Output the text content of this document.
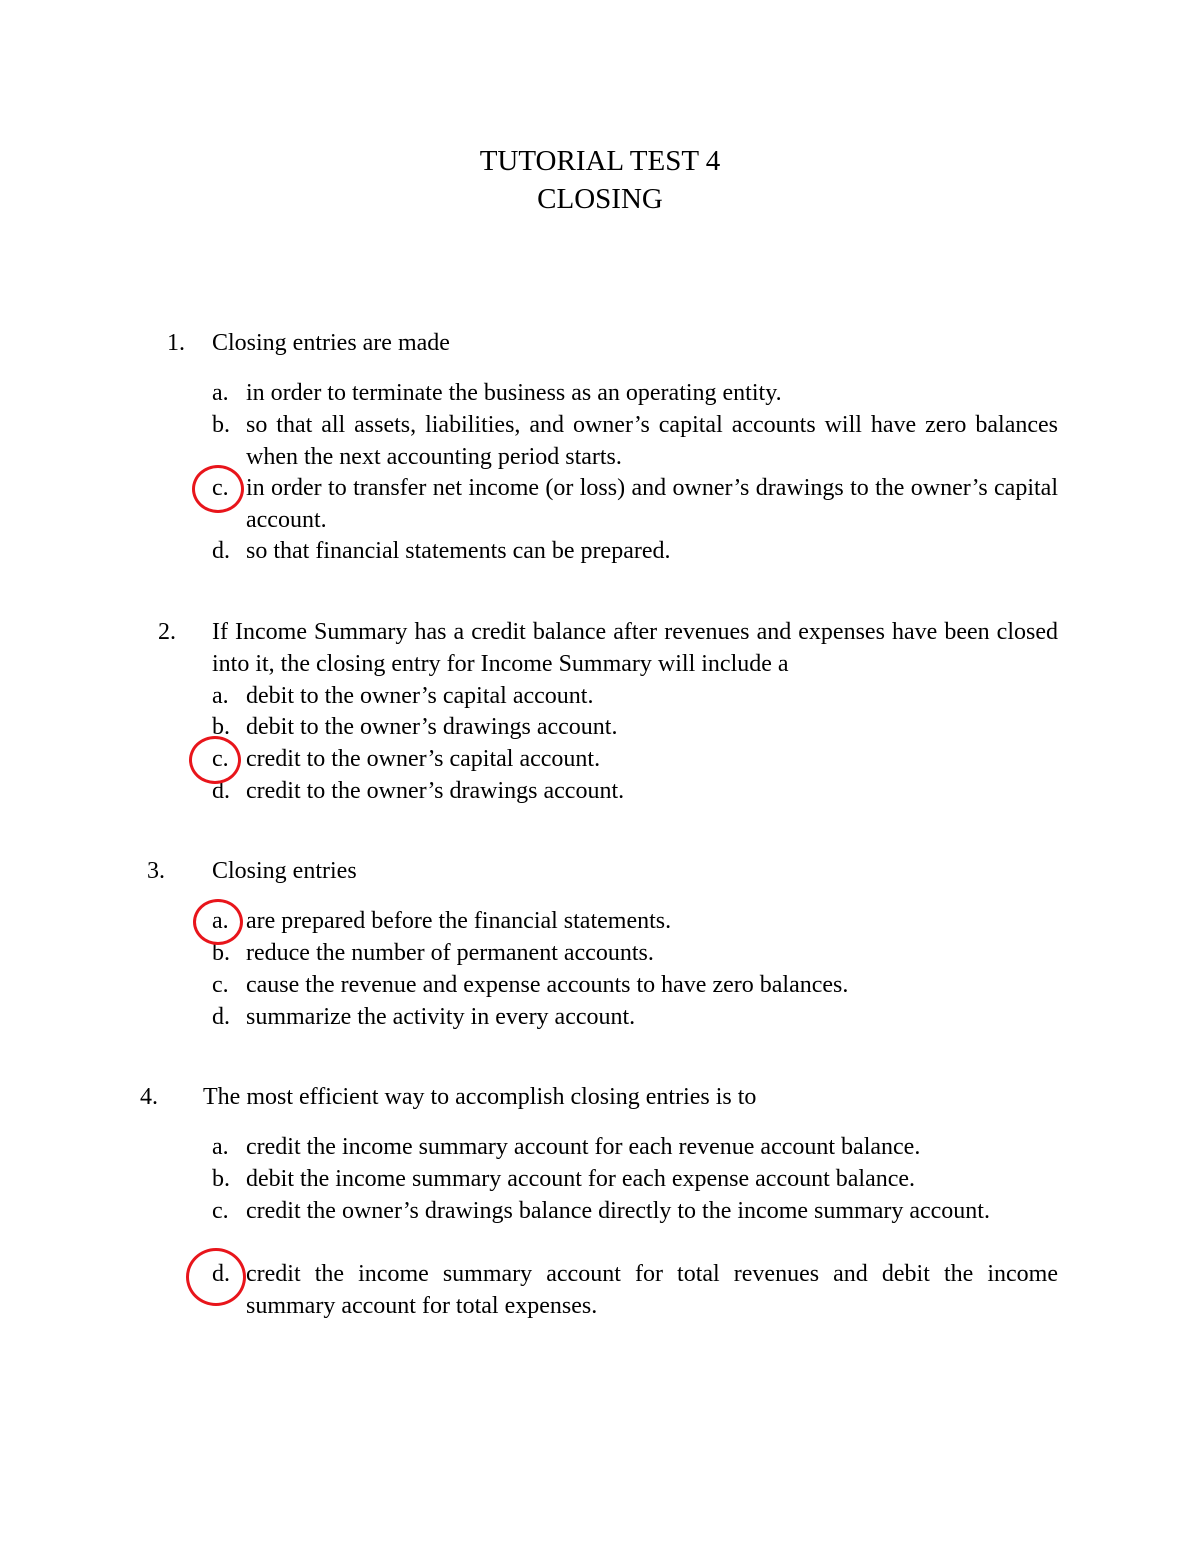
TUTORIAL TEST 4
CLOSING
1. Closing entries are made
a. in order to terminate the business as an operating entity.
b. so that all assets, liabilities, and owner’s capital accounts will have zero balances when the next accounting period starts.
c. in order to transfer net income (or loss) and owner’s drawings to the owner’s capital account.
d. so that financial statements can be prepared.
2. If Income Summary has a credit balance after revenues and expenses have been closed into it, the closing entry for Income Summary will include a
a. debit to the owner’s capital account.
b. debit to the owner’s drawings account.
c. credit to the owner’s capital account.
d. credit to the owner’s drawings account.
3. Closing entries
a. are prepared before the financial statements.
b. reduce the number of permanent accounts.
c. cause the revenue and expense accounts to have zero balances.
d. summarize the activity in every account.
4. The most efficient way to accomplish closing entries is to
a. credit the income summary account for each revenue account balance.
b. debit the income summary account for each expense account balance.
c. credit the owner’s drawings balance directly to the income summary account.
d. credit the income summary account for total revenues and debit the income summary account for total expenses.
